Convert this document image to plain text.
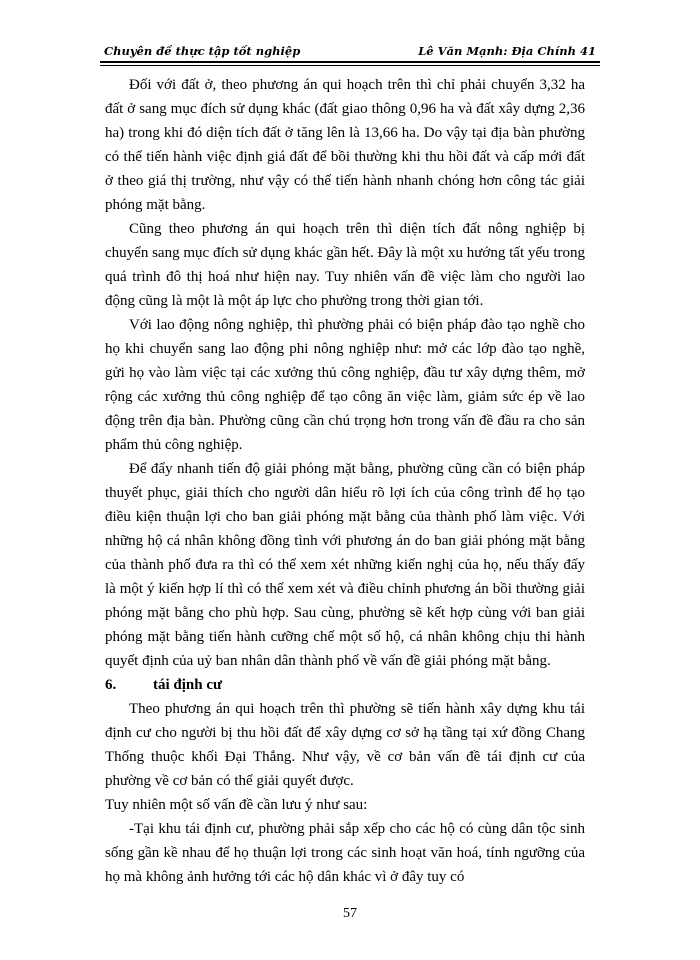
Chuyên đề thực tập tốt nghiệp	Lê Văn Mạnh: Địa Chính 41

Đối với đất ở, theo phương án qui hoạch trên thì chỉ phải chuyển 3,32 ha đất ở sang mục đích sử dụng khác (đất giao thông 0,96 ha và đất xây dựng 2,36 ha) trong khi đó diện tích đất ở tăng lên là 13,66 ha. Do vậy tại địa bàn phường có thể tiến hành việc định giá đất để bồi thường khi thu hồi đất và cấp mới đất ở theo giá thị trường, như vậy có thể tiến hành nhanh chóng hơn công tác giải phóng mặt bằng.

Cũng theo phương án qui hoạch trên thì diện tích đất nông nghiệp bị chuyển sang mục đích sử dụng khác gần hết. Đây là một xu hướng tất yếu trong quá trình đô thị hoá như hiện nay. Tuy nhiên vấn đề việc làm cho người lao động cũng là một là một áp lực cho phường trong thời gian tới.

Với lao động nông nghiệp, thì phường phải có biện pháp đào tạo nghề cho họ khi chuyển sang lao động phi nông nghiệp như: mở các lớp đào tạo nghề, gửi họ vào làm việc tại các xưởng thủ công nghiệp, đầu tư xây dựng thêm, mở rộng các xưởng thủ công nghiệp để tạo công ăn việc làm, giảm sức ép về lao động trên địa bàn. Phường cũng cần chú trọng hơn trong vấn đề đầu ra cho sản phẩm thủ công nghiệp.

Để đẩy nhanh tiến độ giải phóng mặt bằng, phường cũng cần có biện pháp thuyết phục, giải thích cho người dân hiểu rõ lợi ích của công trình để họ tạo điều kiện thuận lợi cho ban giải phóng mặt bằng của thành phố làm việc. Với những hộ cá nhân không đồng tình với phương án do ban giải phóng mặt bằng của thành phố đưa ra thì có thể xem xét những kiến nghị của họ, nếu thấy đấy là một ý kiến hợp lí thì có thể xem xét và điều chỉnh phương án bồi thường giải phóng mặt bằng cho phù hợp. Sau cùng, phường sẽ kết hợp cùng với ban giải phóng mặt bằng tiến hành cưỡng chế một số hộ, cá nhân không chịu thi hành quyết định của uỷ ban nhân dân thành phố về vấn đề giải phóng mặt bằng.

6.	tái định cư

Theo phương án qui hoạch trên thì phường sẽ tiến hành xây dựng khu tái định cư cho người bị thu hồi đất để xây dựng cơ sở hạ tầng tại xứ đồng Chang Thống thuộc khối Đại Thắng. Như vậy, về cơ bản vấn đề tái định cư của phường về cơ bản có thể giải quyết được.

Tuy nhiên một số vấn đề cần lưu ý như sau:

-Tại khu tái định cư, phường phải sắp xếp cho các hộ có cùng dân tộc sinh sống gần kề nhau để họ thuận lợi trong các sinh hoạt văn hoá, tính ngưỡng của họ mà không ảnh hưởng tới các hộ dân khác vì ở đây tuy có

57
